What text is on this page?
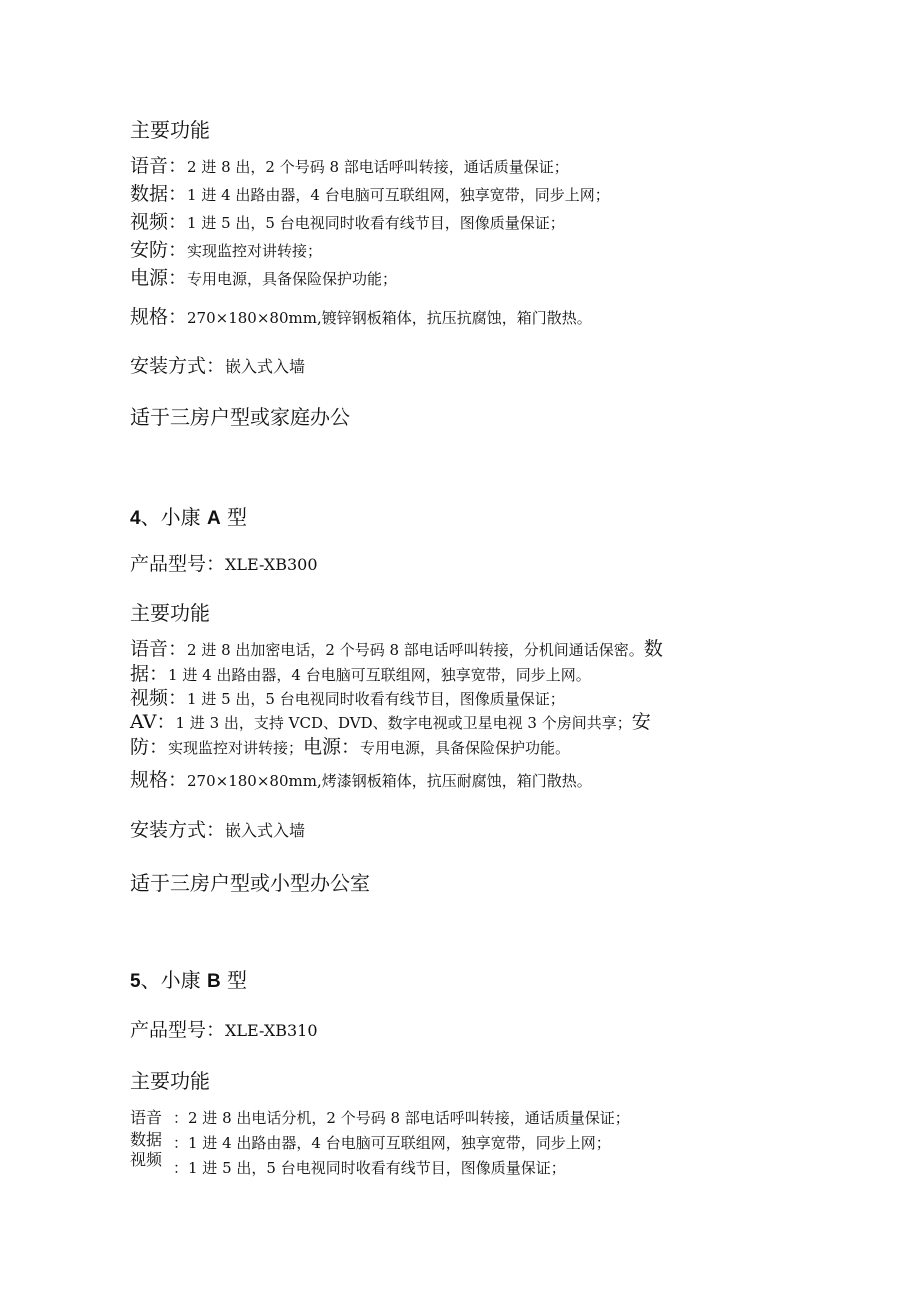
主要功能
语音：2 进 8 出，2 个号码 8 部电话呼叫转接，通话质量保证；
数据：1 进 4 出路由器，4 台电脑可互联组网，独享宽带，同步上网；
视频：1 进 5 出，5 台电视同时收看有线节目，图像质量保证；
安防：实现监控对讲转接；
电源：专用电源，具备保险保护功能；
规格：270×180×80mm,镀锌钢板箱体，抗压抗腐蚀，箱门散热。
安装方式：嵌入式入墙
适于三房户型或家庭办公
4、小康 A 型
产品型号：XLE-XB300
主要功能
语音：2 进 8 出加密电话，2 个号码 8 部电话呼叫转接，分机间通话保密。数
据：1 进 4 出路由器，4 台电脑可互联组网，独享宽带，同步上网。
视频：1 进 5 出，5 台电视同时收看有线节目，图像质量保证；
AV：1 进 3 出，支持 VCD、DVD、数字电视或卫星电视 3 个房间共享；安
防：实现监控对讲转接；电源：专用电源，具备保险保护功能。
规格：270×180×80mm,烤漆钢板箱体，抗压耐腐蚀，箱门散热。
安装方式：嵌入式入墙
适于三房户型或小型办公室
5、小康 B 型
产品型号：XLE-XB310
主要功能
语音
数据
视频
：2 进 8 出电话分机，2 个号码 8 部电话呼叫转接，通话质量保证；
：1 进 4 出路由器，4 台电脑可互联组网，独享宽带，同步上网；
：1 进 5 出，5 台电视同时收看有线节目，图像质量保证；
